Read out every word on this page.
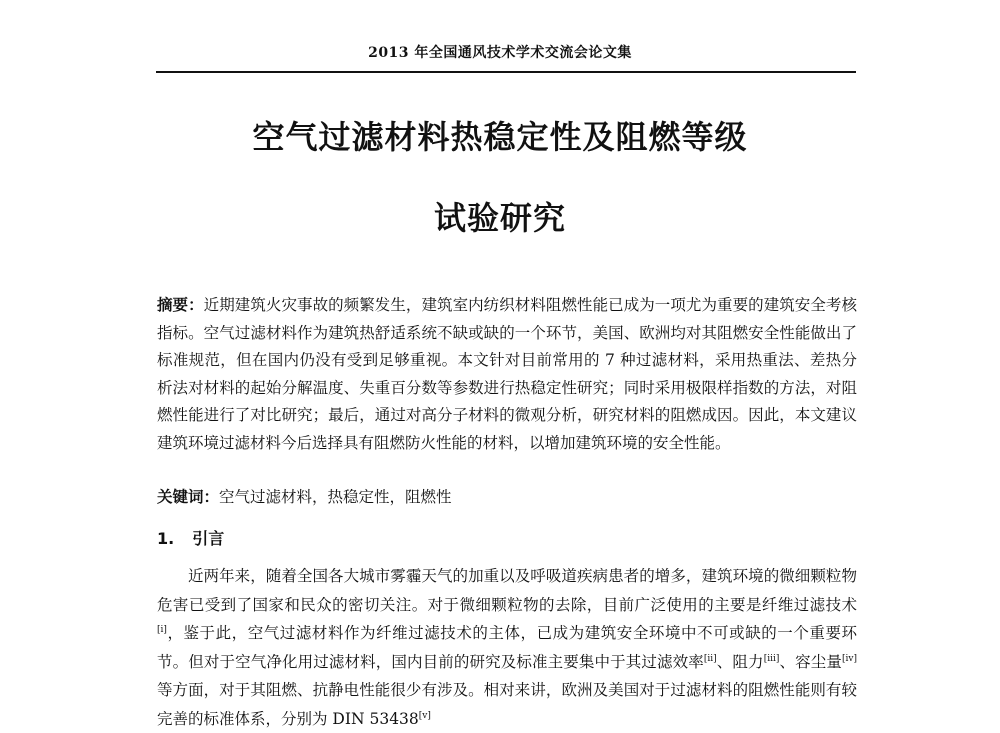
2013 年全国通风技术学术交流会论文集
空气过滤材料热稳定性及阻燃等级
试验研究
摘要：近期建筑火灾事故的频繁发生，建筑室内纺织材料阻燃性能已成为一项尤为重要的建筑安全考核指标。空气过滤材料作为建筑热舒适系统不缺或缺的一个环节，美国、欧洲均对其阻燃安全性能做出了标准规范，但在国内仍没有受到足够重视。本文针对目前常用的 7 种过滤材料，采用热重法、差热分析法对材料的起始分解温度、失重百分数等参数进行热稳定性研究；同时采用极限样指数的方法，对阻燃性能进行了对比研究；最后，通过对高分子材料的微观分析，研究材料的阻燃成因。因此，本文建议建筑环境过滤材料今后选择具有阻燃防火性能的材料，以增加建筑环境的安全性能。
关键词：空气过滤材料，热稳定性，阻燃性
1. 引言
近两年来，随着全国各大城市雾霾天气的加重以及呼吸道疾病患者的增多，建筑环境的微细颗粒物危害已受到了国家和民众的密切关注。对于微细颗粒物的去除，目前广泛使用的主要是纤维过滤技术[i]，鉴于此，空气过滤材料作为纤维过滤技术的主体，已成为建筑安全环境中不可或缺的一个重要环节。但对于空气净化用过滤材料，国内目前的研究及标准主要集中于其过滤效率[ii]、阻力[iii]、容尘量[iv]等方面，对于其阻燃、抗静电性能很少有涉及。相对来讲，欧洲及美国对于过滤材料的阻燃性能则有较完善的标准体系，分别为 DIN 53438[v]
